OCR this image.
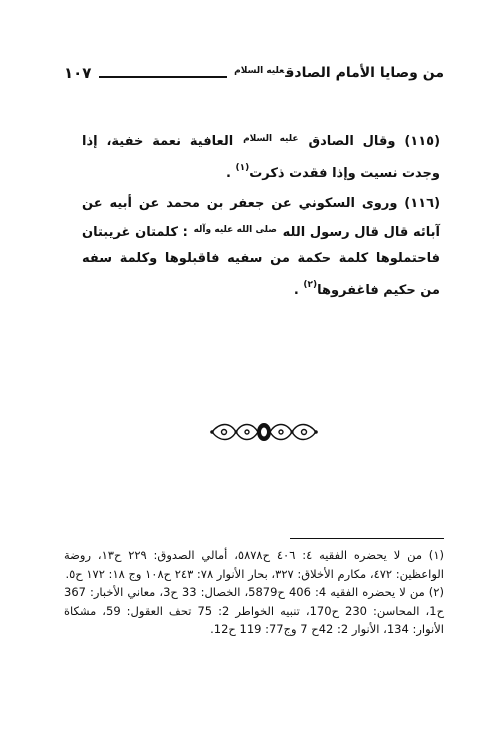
١٠٧	من وصايا الأمام الصادق$^{عليه السلام}$

(١١٥) وقال الصادق $^{عليه السلام}$ العافية نعمة خفية، إذا وجدت نسيت وإذا فقدت ذكرت$^{(١)}$ .

(١١٦) وروى السكوني عن جعفر بن محمد عن أبيه عن آبائه قال قال رسول الله $^{صلى الله عليه وآله}$ : كلمتان غريبتان فاحتملوها كلمة حكمة من سفيه فاقبلوها وكلمة سفه من حكيم فاغفروها$^{(٢)}$ .

(١) من لا يحضره الفقيه ٤: ٤٠٦ ح٥٨٧٨، أمالي الصدوق: ٢٢٩ ح١٣، روضة الواعظين: ٤٧٢، مكارم الأخلاق: ٣٢٧، بحار الأنوار ٧٨: ٢٤٣ ح١٠٨ وج ١٨: ١٧٢ ح٥.

(٢) من لا يحضره الفقيه 4: 406 ح5879، الخصال: 33 ح3، معاني الأخبار: 367 ح1، المحاسن: 230 ح170، تنبيه الخواطر 2: 75 تحف العقول: 59، مشكاة الأنوار: 134، الأنوار 2: 42ح 7 وج77: 119 ح12.
